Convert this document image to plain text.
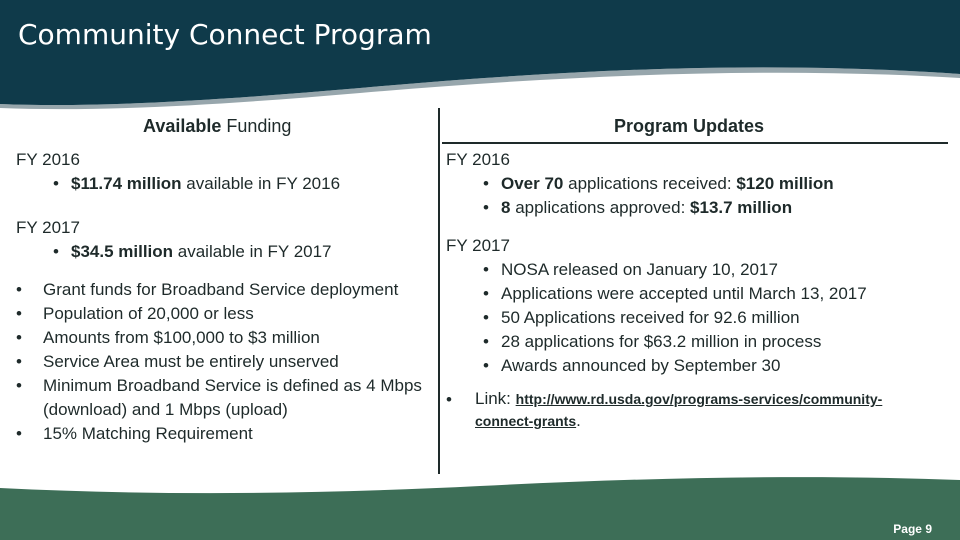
Community Connect Program
Available Funding	Program Updates
FY 2016
• $11.74 million available in FY 2016
FY 2017
• $34.5 million available in FY 2017
•	Grant funds for Broadband Service deployment
•	Population of 20,000 or less
•	Amounts from $100,000 to $3 million
•	Service Area must be entirely unserved
•	Minimum Broadband Service is defined as 4 Mbps (download) and 1 Mbps (upload)
•	15% Matching Requirement
FY 2016
• Over 70 applications received: $120 million
• 8 applications approved: $13.7 million
FY 2017
• NOSA released on January 10, 2017
• Applications were accepted until March 13, 2017
• 50 Applications received for 92.6 million
• 28 applications for $63.2 million in process
• Awards announced by September 30
•	Link: http://www.rd.usda.gov/programs-services/community-
connect-grants.
Page 9
